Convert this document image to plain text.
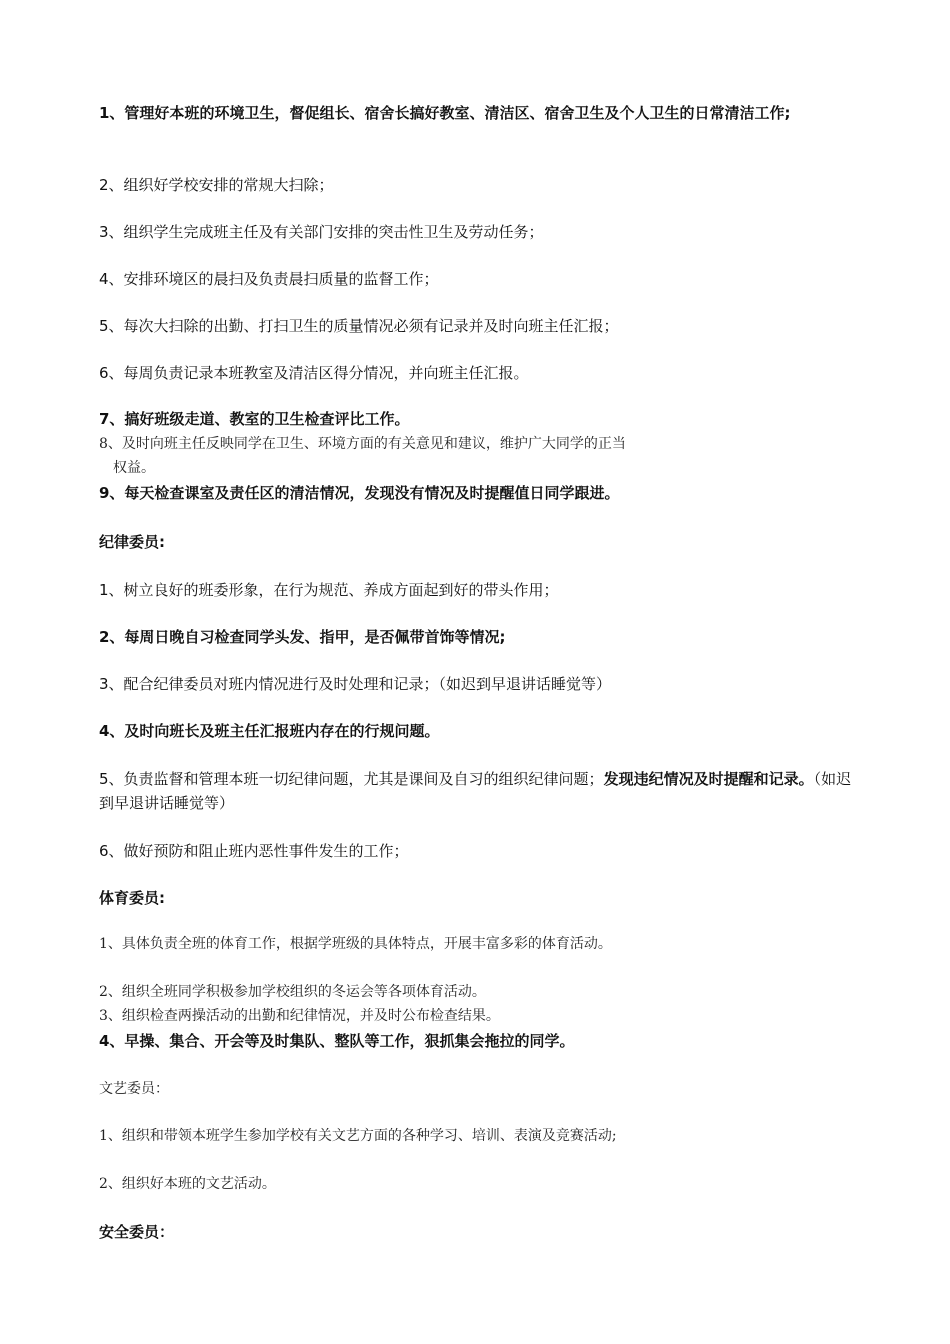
1、管理好本班的环境卫生，督促组长、宿舍长搞好教室、清洁区、宿舍卫生及个人卫生的日常清洁工作;
2、组织好学校安排的常规大扫除；
3、组织学生完成班主任及有关部门安排的突击性卫生及劳动任务；
4、安排环境区的晨扫及负责晨扫质量的监督工作；
5、每次大扫除的出勤、打扫卫生的质量情况必须有记录并及时向班主任汇报；
6、每周负责记录本班教室及清洁区得分情况，并向班主任汇报。
7、搞好班级走道、教室的卫生检查评比工作。
8、及时向班主任反映同学在卫生、环境方面的有关意见和建议，维护广大同学的正当
权益。
9、每天检查课室及责任区的清洁情况，发现没有情况及时提醒值日同学跟进。
纪律委员:
1、树立良好的班委形象，在行为规范、养成方面起到好的带头作用；
2、每周日晚自习检查同学头发、指甲，是否佩带首饰等情况;
3、配合纪律委员对班内情况进行及时处理和记录；（如迟到早退讲话睡觉等）
4、及时向班长及班主任汇报班内存在的行规问题。
5、负责监督和管理本班一切纪律问题，尤其是课间及自习的组织纪律问题；发现违纪情况及时提醒和记录。（如迟到早退讲话睡觉等）
6、做好预防和阻止班内恶性事件发生的工作；
体育委员:
1、具体负责全班的体育工作，根据学班级的具体特点，开展丰富多彩的体育活动。
2、组织全班同学积极参加学校组织的冬运会等各项体育活动。
3、组织检查两操活动的出勤和纪律情况，并及时公布检查结果。
4、早操、集合、开会等及时集队、整队等工作，狠抓集会拖拉的同学。
文艺委员：
1、组织和带领本班学生参加学校有关文艺方面的各种学习、培训、表演及竞赛活动;
2、组织好本班的文艺活动。
安全委员：
